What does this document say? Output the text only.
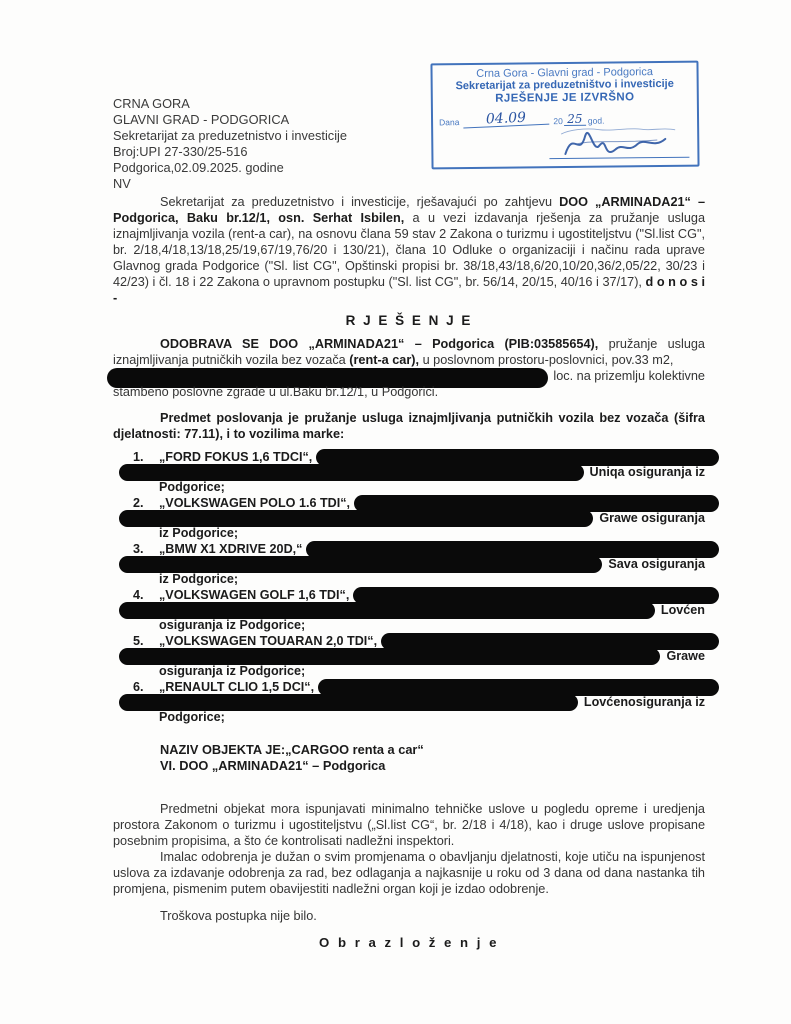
Crna Gora - Glavni grad - Podgorica
Sekretarijat za preduzetništvo i investicije
RJEŠENJE JE IZVRŠNO
Dana	04.09	20 25 god.
CRNA GORA
GLAVNI GRAD - PODGORICA
Sekretarijat za preduzetnistvo i investicije
Broj:UPI 27-330/25-516
Podgorica,02.09.2025. godine
NV

Sekretarijat za preduzetnistvo i investicije, rješavajući po zahtjevu DOO „ARMINADA21“ – Podgorica, Baku br.12/1, osn. Serhat Isbilen, a u vezi izdavanja rješenja za pružanje usluga iznajmljivanja vozila (rent-a car), na osnovu člana 59 stav 2 Zakona o turizmu i ugostiteljstvu ("Sl.list CG", br. 2/18,4/18,13/18,25/19,67/19,76/20 i 130/21), člana 10 Odluke o organizaciji i načinu rada uprave Glavnog grada Podgorice ("Sl. list CG", Opštinski propisi br. 38/18,43/18,6/20,10/20,36/2,05/22, 30/23 i 42/23) i čl. 18 i 22 Zakona o upravnom postupku ("Sl. list CG", br. 56/14, 20/15, 40/16 i 37/17), d o n o s i -

R J E Š E N J E

ODOBRAVA SE DOO „ARMINADA21“ – Podgorica (PIB:03585654), pružanje usluga iznajmljivanja putničkih vozila bez vozača (rent-a car), u poslovnom prostoru-poslovnici, pov.33 m2,

loc. na prizemlju kolektivne

stambeno poslovne zgrade u ul.Baku br.12/1, u Podgorici.

Predmet poslovanja je pružanje usluga iznajmljivanja putničkih vozila bez vozača (šifra djelatnosti: 77.11), i to vozilima marke:

1.	„FORD FOKUS 1,6 TDCI“,
Uniqa osiguranja iz
Podgorice;
2.	„VOLKSWAGEN POLO 1.6 TDI“,
Grawe osiguranja
iz Podgorice;
3.	„BMW X1 XDRIVE 20D,“
Sava osiguranja
iz Podgorice;
4.	„VOLKSWAGEN GOLF 1,6 TDI“,
Lovćen
osiguranja iz Podgorice;
5.	„VOLKSWAGEN TOUARAN 2,0 TDI“,
Grawe
osiguranja iz Podgorice;
6.	„RENAULT CLIO 1,5 DCI“,
Lovćenosiguranja iz
Podgorice;
NAZIV OBJEKTA JE:„CARGOO renta a car“
VI. DOO „ARMINADA21“ – Podgorica

Predmetni objekat mora ispunjavati minimalno tehničke uslove u pogledu opreme i uredjenja prostora Zakonom o turizmu i ugostiteljstvu („Sl.list CG“, br. 2/18 i 4/18), kao i druge uslove propisane posebnim propisima, a što će kontrolisati nadležni inspektori.

Imalac odobrenja je dužan o svim promjenama o obavljanju djelatnosti, koje utiču na ispunjenost uslova za izdavanje odobrenja za rad, bez odlaganja a najkasnije u roku od 3 dana od dana nastanka tih promjena, pismenim putem obavijestiti nadležni organ koji je izdao odobrenje.

Troškova postupka nije bilo.

O b r a z l o ž e n j e
